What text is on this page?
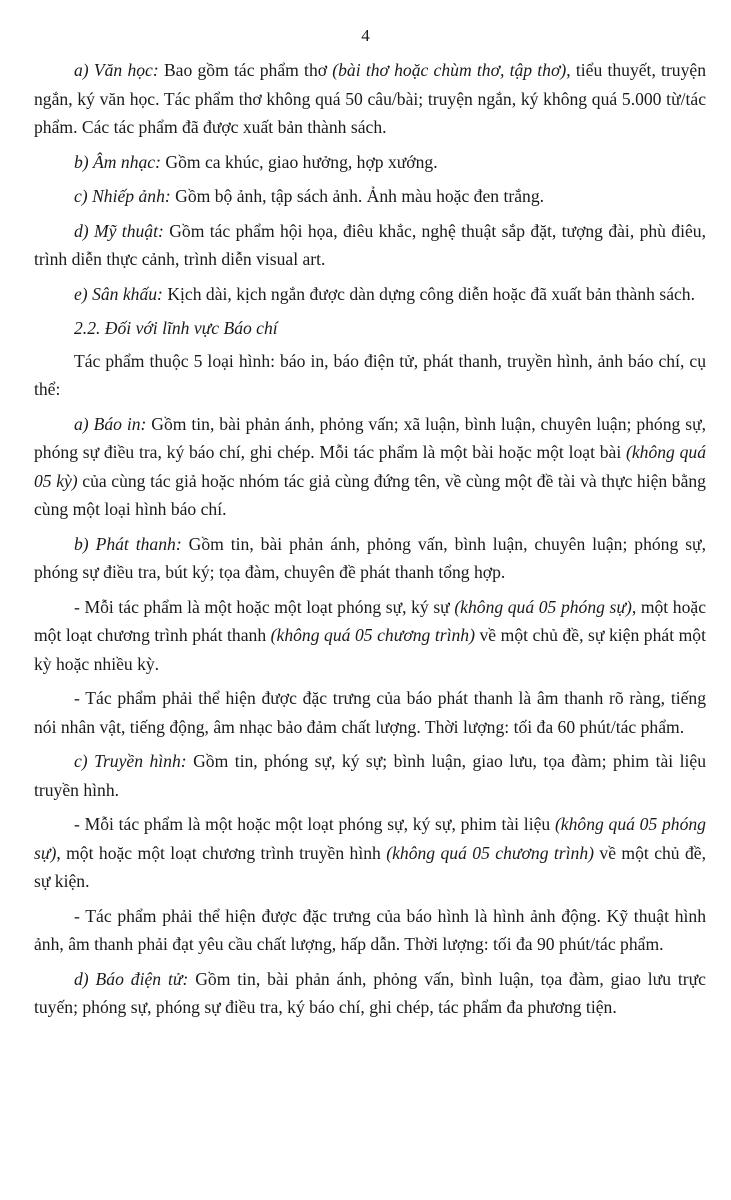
4

a) Văn học: Bao gồm tác phẩm thơ (bài thơ hoặc chùm thơ, tập thơ), tiểu thuyết, truyện ngắn, ký văn học. Tác phẩm thơ không quá 50 câu/bài; truyện ngắn, ký không quá 5.000 từ/tác phẩm. Các tác phẩm đã được xuất bản thành sách.

b) Âm nhạc: Gồm ca khúc, giao hưởng, hợp xướng.

c) Nhiếp ảnh: Gồm bộ ảnh, tập sách ảnh. Ảnh màu hoặc đen trắng.

d) Mỹ thuật: Gồm tác phẩm hội họa, điêu khắc, nghệ thuật sắp đặt, tượng đài, phù điêu, trình diễn thực cảnh, trình diễn visual art.

e) Sân khấu: Kịch dài, kịch ngắn được dàn dựng công diễn hoặc đã xuất bản thành sách.

2.2. Đối với lĩnh vực Báo chí

Tác phẩm thuộc 5 loại hình: báo in, báo điện tử, phát thanh, truyền hình, ảnh báo chí, cụ thể:

a) Báo in: Gồm tin, bài phản ánh, phỏng vấn; xã luận, bình luận, chuyên luận; phóng sự, phóng sự điều tra, ký báo chí, ghi chép. Mỗi tác phẩm là một bài hoặc một loạt bài (không quá 05 kỳ) của cùng tác giả hoặc nhóm tác giả cùng đứng tên, về cùng một đề tài và thực hiện bằng cùng một loại hình báo chí.

b) Phát thanh: Gồm tin, bài phản ánh, phỏng vấn, bình luận, chuyên luận; phóng sự, phóng sự điều tra, bút ký; tọa đàm, chuyên đề phát thanh tổng hợp.

- Mỗi tác phẩm là một hoặc một loạt phóng sự, ký sự (không quá 05 phóng sự), một hoặc một loạt chương trình phát thanh (không quá 05 chương trình) về một chủ đề, sự kiện phát một kỳ hoặc nhiều kỳ.

- Tác phẩm phải thể hiện được đặc trưng của báo phát thanh là âm thanh rõ ràng, tiếng nói nhân vật, tiếng động, âm nhạc bảo đảm chất lượng. Thời lượng: tối đa 60 phút/tác phẩm.

c) Truyền hình: Gồm tin, phóng sự, ký sự; bình luận, giao lưu, tọa đàm; phim tài liệu truyền hình.

- Mỗi tác phẩm là một hoặc một loạt phóng sự, ký sự, phim tài liệu (không quá 05 phóng sự), một hoặc một loạt chương trình truyền hình (không quá 05 chương trình) về một chủ đề, sự kiện.

- Tác phẩm phải thể hiện được đặc trưng của báo hình là hình ảnh động. Kỹ thuật hình ảnh, âm thanh phải đạt yêu cầu chất lượng, hấp dẫn. Thời lượng: tối đa 90 phút/tác phẩm.

d) Báo điện tử: Gồm tin, bài phản ánh, phỏng vấn, bình luận, tọa đàm, giao lưu trực tuyến; phóng sự, phóng sự điều tra, ký báo chí, ghi chép, tác phẩm đa phương tiện.
